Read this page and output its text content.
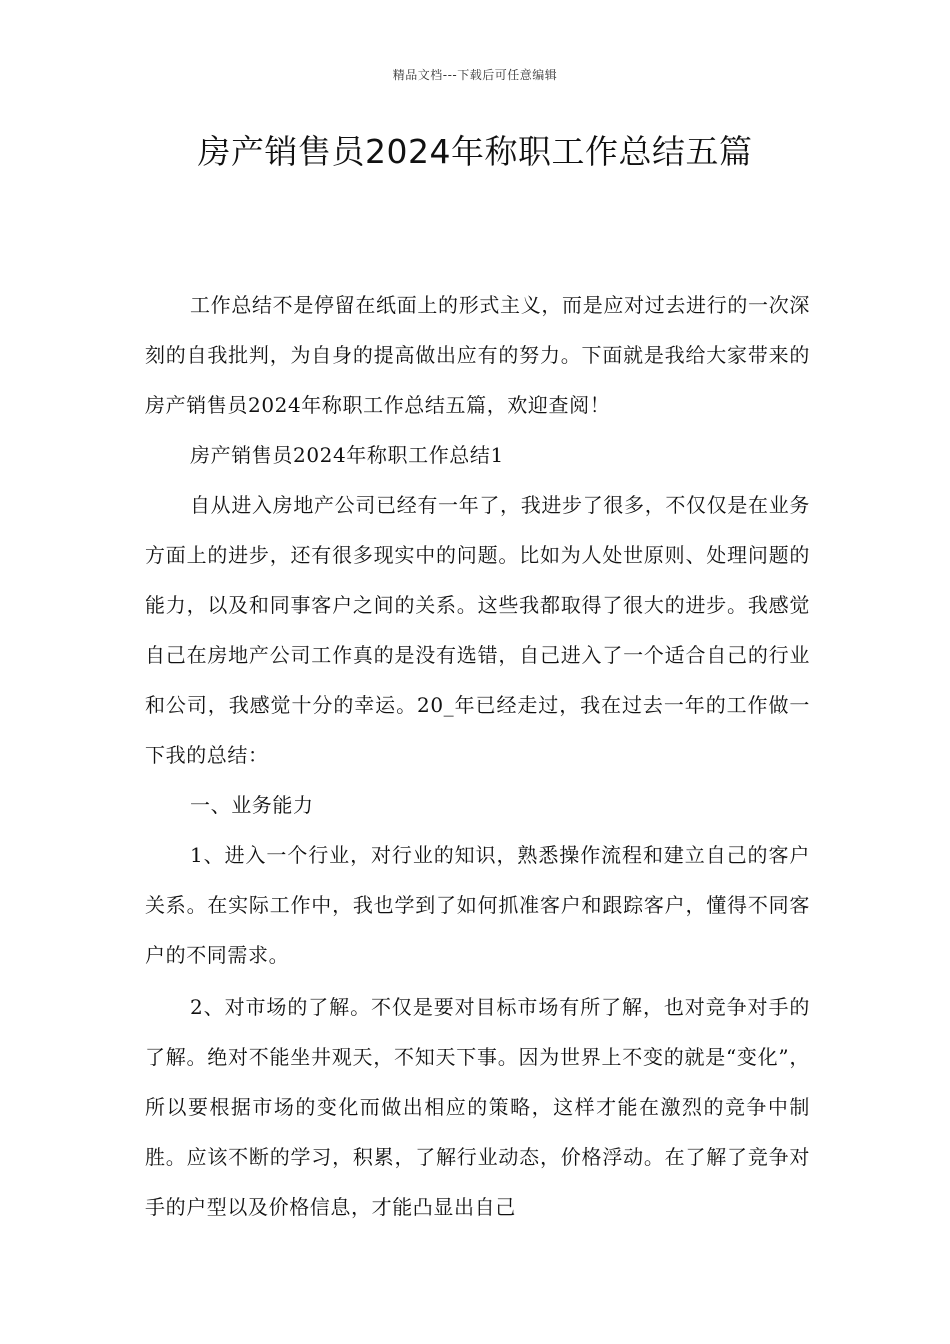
精品文档---下载后可任意编辑
房产销售员2024年称职工作总结五篇

工作总结不是停留在纸面上的形式主义，而是应对过去进行的一次深刻的自我批判，为自身的提高做出应有的努力。下面就是我给大家带来的房产销售员2024年称职工作总结五篇，欢迎查阅！

房产销售员2024年称职工作总结1

自从进入房地产公司已经有一年了，我进步了很多，不仅仅是在业务方面上的进步，还有很多现实中的问题。比如为人处世原则、处理问题的能力，以及和同事客户之间的关系。这些我都取得了很大的进步。我感觉自己在房地产公司工作真的是没有选错，自己进入了一个适合自己的行业和公司，我感觉十分的幸运。20_年已经走过，我在过去一年的工作做一下我的总结：

一、业务能力

1、进入一个行业，对行业的知识，熟悉操作流程和建立自己的客户关系。在实际工作中，我也学到了如何抓准客户和跟踪客户，懂得不同客户的不同需求。

2、对市场的了解。不仅是要对目标市场有所了解，也对竞争对手的了解。绝对不能坐井观天，不知天下事。因为世界上不变的就是“变化”，所以要根据市场的变化而做出相应的策略，这样才能在激烈的竞争中制胜。应该不断的学习，积累，了解行业动态，价格浮动。在了解了竞争对手的户型以及价格信息，才能凸显出自己
